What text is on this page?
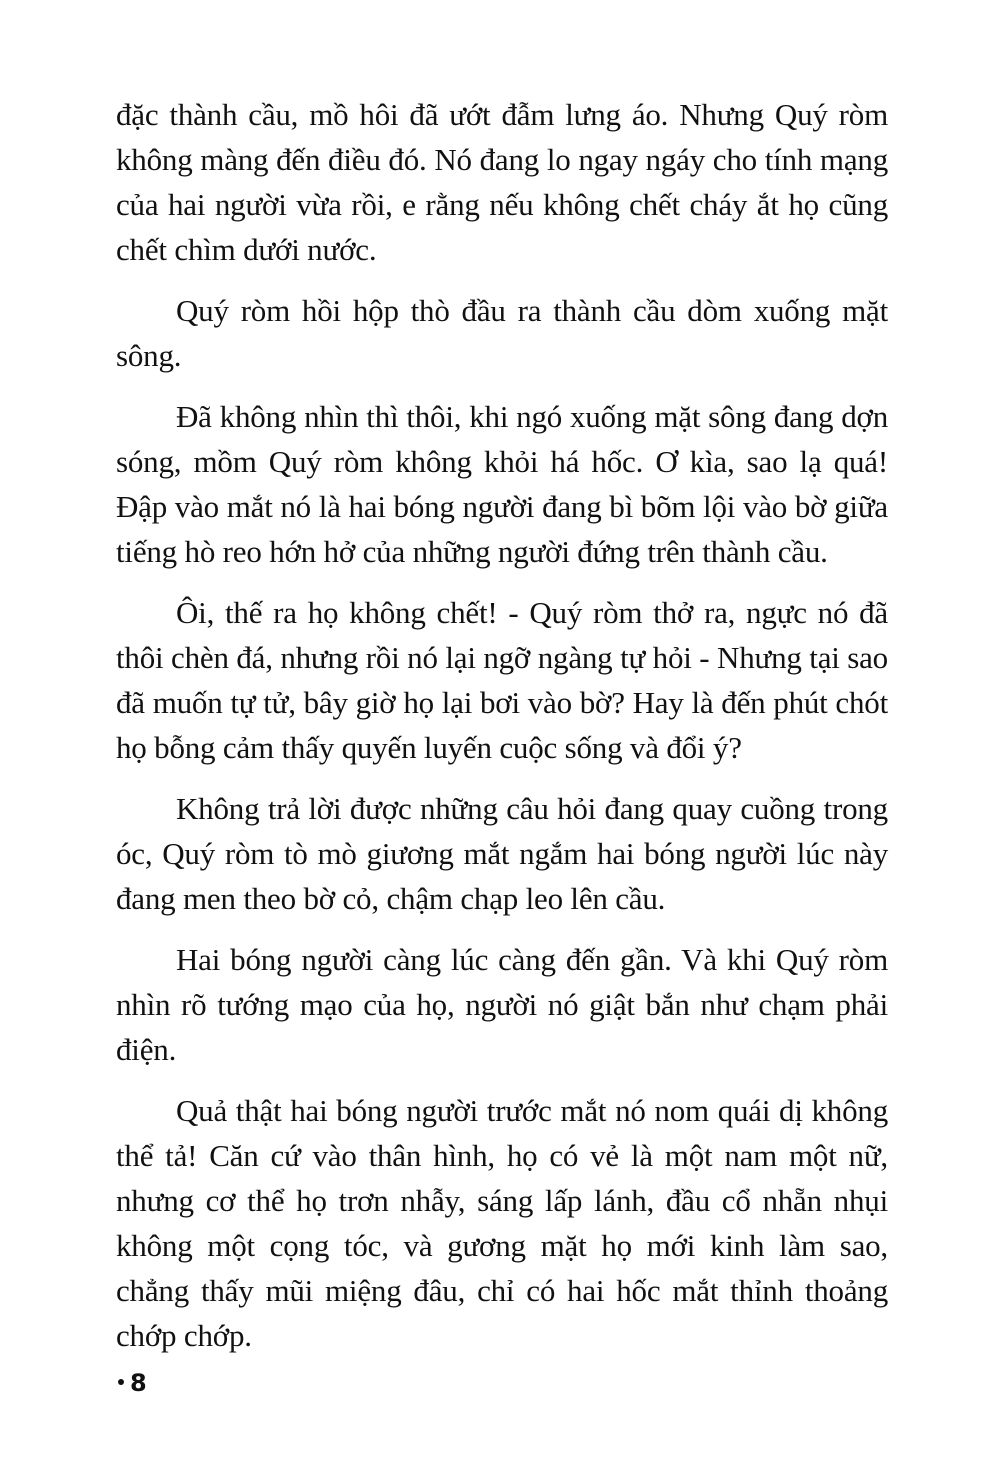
đặc thành cầu, mồ hôi đã ướt đẫm lưng áo. Nhưng Quý ròm không màng đến điều đó. Nó đang lo ngay ngáy cho tính mạng của hai người vừa rồi, e rằng nếu không chết cháy ắt họ cũng chết chìm dưới nước.

Quý ròm hồi hộp thò đầu ra thành cầu dòm xuống mặt sông.

Đã không nhìn thì thôi, khi ngó xuống mặt sông đang dợn sóng, mồm Quý ròm không khỏi há hốc. Ơ kìa, sao lạ quá! Đập vào mắt nó là hai bóng người đang bì bõm lội vào bờ giữa tiếng hò reo hớn hở của những người đứng trên thành cầu.

Ôi, thế ra họ không chết! - Quý ròm thở ra, ngực nó đã thôi chèn đá, nhưng rồi nó lại ngỡ ngàng tự hỏi - Nhưng tại sao đã muốn tự tử, bây giờ họ lại bơi vào bờ? Hay là đến phút chót họ bỗng cảm thấy quyến luyến cuộc sống và đổi ý?

Không trả lời được những câu hỏi đang quay cuồng trong óc, Quý ròm tò mò giương mắt ngắm hai bóng người lúc này đang men theo bờ cỏ, chậm chạp leo lên cầu.

Hai bóng người càng lúc càng đến gần. Và khi Quý ròm nhìn rõ tướng mạo của họ, người nó giật bắn như chạm phải điện.

Quả thật hai bóng người trước mắt nó nom quái dị không thể tả! Căn cứ vào thân hình, họ có vẻ là một nam một nữ, nhưng cơ thể họ trơn nhẫy, sáng lấp lánh, đầu cổ nhẵn nhụi không một cọng tóc, và gương mặt họ mới kinh làm sao, chẳng thấy mũi miệng đâu, chỉ có hai hốc mắt thỉnh thoảng chớp chớp.

8
